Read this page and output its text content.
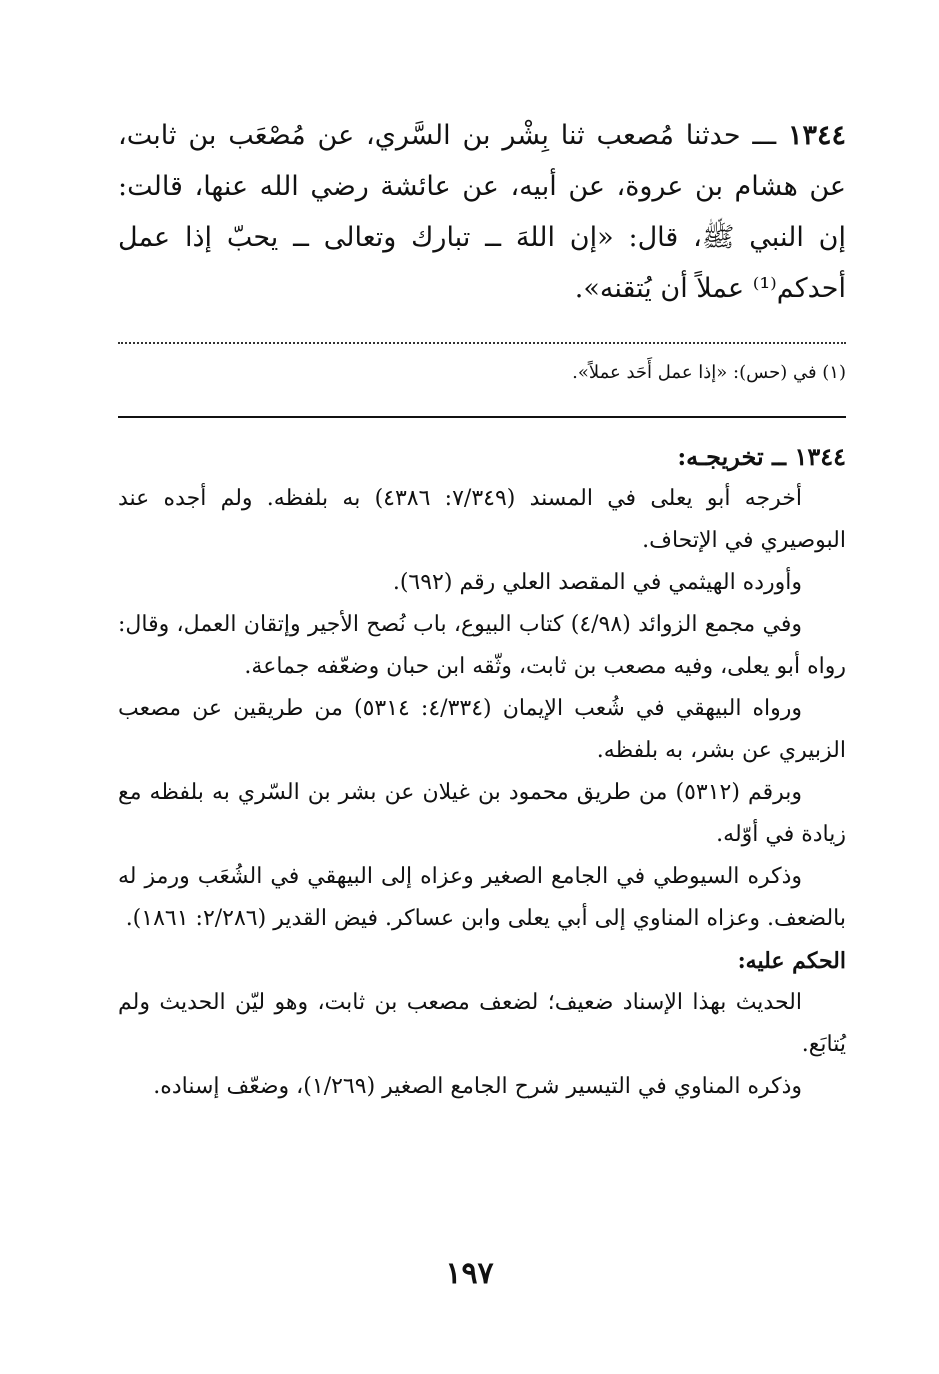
١٣٤٤ ـــ حدثنا مُصعب ثنا بِشْر بن السَّري، عن مُصْعَب بن ثابت، عن هشام بن عروة، عن أبيه، عن عائشة رضي الله عنها، قالت: إن النبي ﷺ، قال: «إن اللهَ ــ تبارك وتعالى ــ يحبّ إذا عمل أحدكم⁽¹⁾ عملاً أن يُتقنه».

(١) في (حس): «إذا عمل أَحَد عملاً».

١٣٤٤ ــ تخريجـه:

أخرجه أبو يعلى في المسند (٧/٣٤٩: ٤٣٨٦) به بلفظه. ولم أجده عند البوصيري في الإتحاف.

وأورده الهيثمي في المقصد العلي رقم (٦٩٢).

وفي مجمع الزوائد (٤/٩٨) كتاب البيوع، باب نُصح الأجير وإتقان العمل، وقال: رواه أبو يعلى، وفيه مصعب بن ثابت، وثّقه ابن حبان وضعّفه جماعة.

ورواه البيهقي في شُعب الإيمان (٤/٣٣٤: ٥٣١٤) من طريقين عن مصعب الزبيري عن بشر، به بلفظه.

وبرقم (٥٣١٢) من طريق محمود بن غيلان عن بشر بن السّري به بلفظه مع زيادة في أوّله.

وذكره السيوطي في الجامع الصغير وعزاه إلى البيهقي في الشُعَب ورمز له بالضعف. وعزاه المناوي إلى أبي يعلى وابن عساكر. فيض القدير (٢/٢٨٦: ١٨٦١).

الحكم عليه:

الحديث بهذا الإسناد ضعيف؛ لضعف مصعب بن ثابت، وهو ليّن الحديث ولم يُتابَع.

وذكره المناوي في التيسير شرح الجامع الصغير (١/٢٦٩)، وضعّف إسناده.

١٩٧
